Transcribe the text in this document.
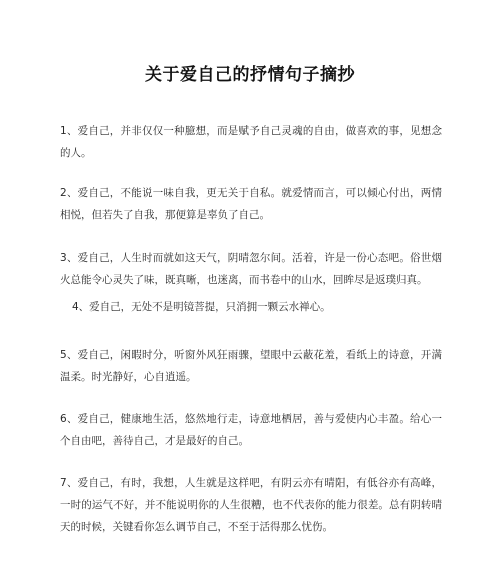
关于爱自己的抒情句子摘抄
1、爱自己，并非仅仅一种臆想，而是赋予自己灵魂的自由，做喜欢的事，见想念的人。
2、爱自己，不能说一味自我，更无关于自私。就爱情而言，可以倾心付出，两情相悦，但若失了自我，那便算是辜负了自己。
3、爱自己，人生时而就如这天气，阴晴忽尔间。活着，许是一份心态吧。俗世烟火总能令心灵失了味，既真晰，也迷离，而书卷中的山水，回眸尽是返璞归真。
4、爱自己，无处不是明镜菩提，只消拥一颗云水禅心。
5、爱自己，闲暇时分，听窗外风狂雨骤，望眼中云蔽花羞，看纸上的诗意，开满温柔。时光静好，心自逍遥。
6、爱自己，健康地生活，悠然地行走，诗意地栖居，善与爱使内心丰盈。给心一个自由吧，善待自己，才是最好的自己。
7、爱自己，有时，我想，人生就是这样吧，有阴云亦有晴阳，有低谷亦有高峰，一时的运气不好，并不能说明你的人生很糟，也不代表你的能力很差。总有阴转晴天的时候，关键看你怎么调节自己，不至于活得那么忧伤。
